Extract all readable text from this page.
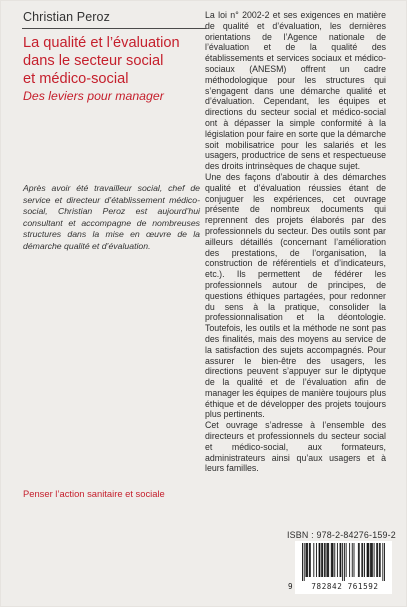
Christian Peroz
La qualité et l’évaluation
dans le secteur social
et médico-social
Des leviers pour manager
Après avoir été travailleur social, chef de service et directeur d’établissement médico-social, Christian Peroz est aujourd’hui consultant et accompagne de nombreuses structures dans la mise en œuvre de la démarche qualité et d’évaluation.
Penser l’action sanitaire et sociale

La loi n° 2002-2 et ses exigences en matière de qualité et d’évaluation, les dernières orientations de l’Agence nationale de l’évaluation et de la qualité des établissements et services sociaux et médico-sociaux (ANESM) offrent un cadre méthodologique pour les structures qui s’engagent dans une démarche qualité et d’évaluation. Cependant, les équipes et directions du secteur social et médico-social ont à dépasser la simple conformité à la législation pour faire en sorte que la démarche soit mobilisatrice pour les salariés et les usagers, productrice de sens et respectueuse des droits intrinsèques de chaque sujet.

Une des façons d’aboutir à des démarches qualité et d’évaluation réussies étant de conjuguer les expériences, cet ouvrage présente de nombreux documents qui reprennent des projets élaborés par des professionnels du secteur. Des outils sont par ailleurs détaillés (concernant l’amélioration des prestations, de l’organisation, la construction de référentiels et d’indicateurs, etc.). Ils permettent de fédérer les professionnels autour de principes, de questions éthiques partagées, pour redonner du sens à la pratique, consolider la professionnalisation et la déontologie. Toutefois, les outils et la méthode ne sont pas des finalités, mais des moyens au service de la satisfaction des sujets accompagnés. Pour assurer le bien-être des usagers, les directions peuvent s’appuyer sur le diptyque de la qualité et de l’évaluation afin de manager les équipes de manière toujours plus éthique et de développer des projets toujours plus pertinents.

Cet ouvrage s’adresse à l’ensemble des directeurs et professionnels du secteur social et médico-social, aux formateurs, administrateurs ainsi qu’aux usagers et à leurs familles.

ISBN : 978-2-84276-159-2
9	782842 761592
